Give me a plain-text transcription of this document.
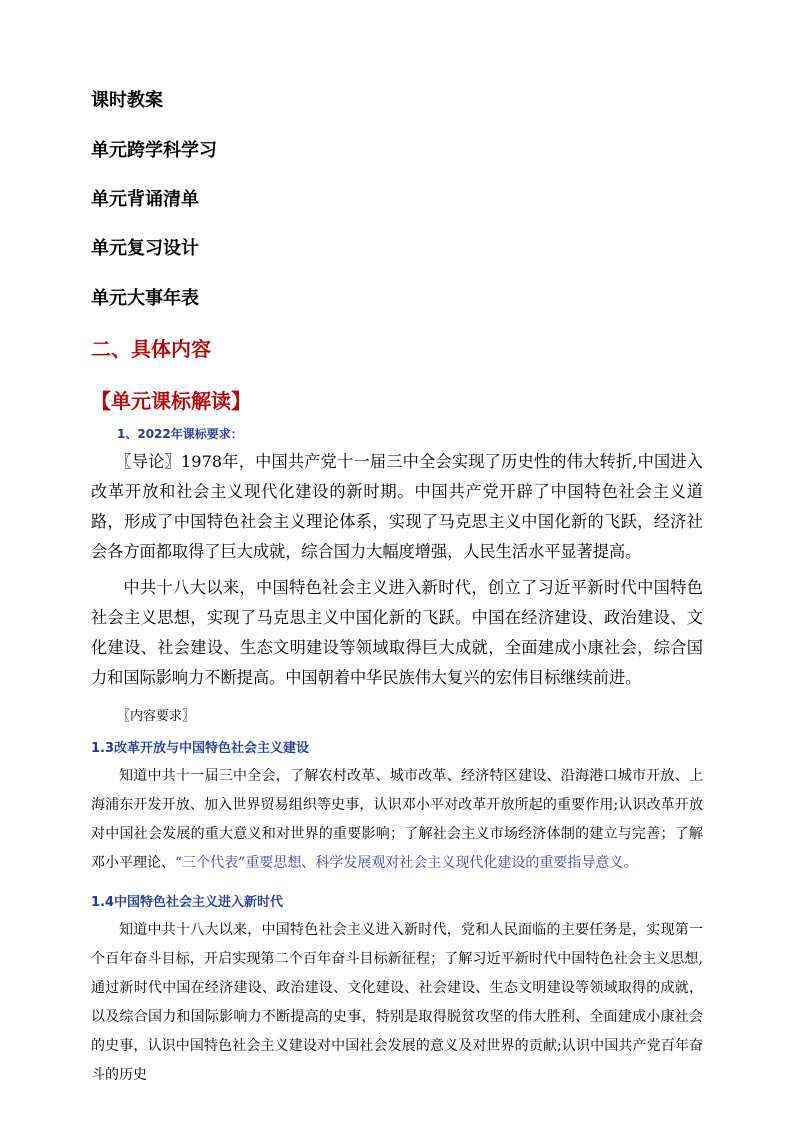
课时教案

单元跨学科学习

单元背诵清单

单元复习设计

单元大事年表

二、具体内容

【单元课标解读】

1、2022年课标要求：

〖导论〗1978年，中国共产党十一届三中全会实现了历史性的伟大转折,中国进入改革开放和社会主义现代化建设的新时期。中国共产党开辟了中国特色社会主义道路，形成了中国特色社会主义理论体系，实现了马克思主义中国化新的飞跃，经济社会各方面都取得了巨大成就，综合国力大幅度增强，人民生活水平显著提高。

中共十八大以来，中国特色社会主义进入新时代，创立了习近平新时代中国特色社会主义思想，实现了马克思主义中国化新的飞跃。中国在经济建设、政治建设、文化建设、社会建设、生态文明建设等领域取得巨大成就，全面建成小康社会，综合国力和国际影响力不断提高。中国朝着中华民族伟大复兴的宏伟目标继续前进。

〖内容要求〗

1.3改革开放与中国特色社会主义建设

知道中共十一届三中全会，了解农村改革、城市改革、经济特区建设、沿海港口城市开放、上海浦东开发开放、加入世界贸易组织等史事，认识邓小平对改革开放所起的重要作用;认识改革开放对中国社会发展的重大意义和对世界的重要影响；了解社会主义市场经济体制的建立与完善；了解邓小平理论、“三个代表”重要思想、科学发展观对社会主义现代化建设的重要指导意义。

1.4中国特色社会主义进入新时代

知道中共十八大以来，中国特色社会主义进入新时代，党和人民面临的主要任务是，实现第一个百年奋斗目标，开启实现第二个百年奋斗目标新征程；了解习近平新时代中国特色社会主义思想,通过新时代中国在经济建设、政治建设、文化建设、社会建设、生态文明建设等领域取得的成就，以及综合国力和国际影响力不断提高的史事，特别是取得脱贫攻坚的伟大胜利、全面建成小康社会的史事，认识中国特色社会主义建设对中国社会发展的意义及对世界的贡献;认识中国共产党百年奋斗的历史
